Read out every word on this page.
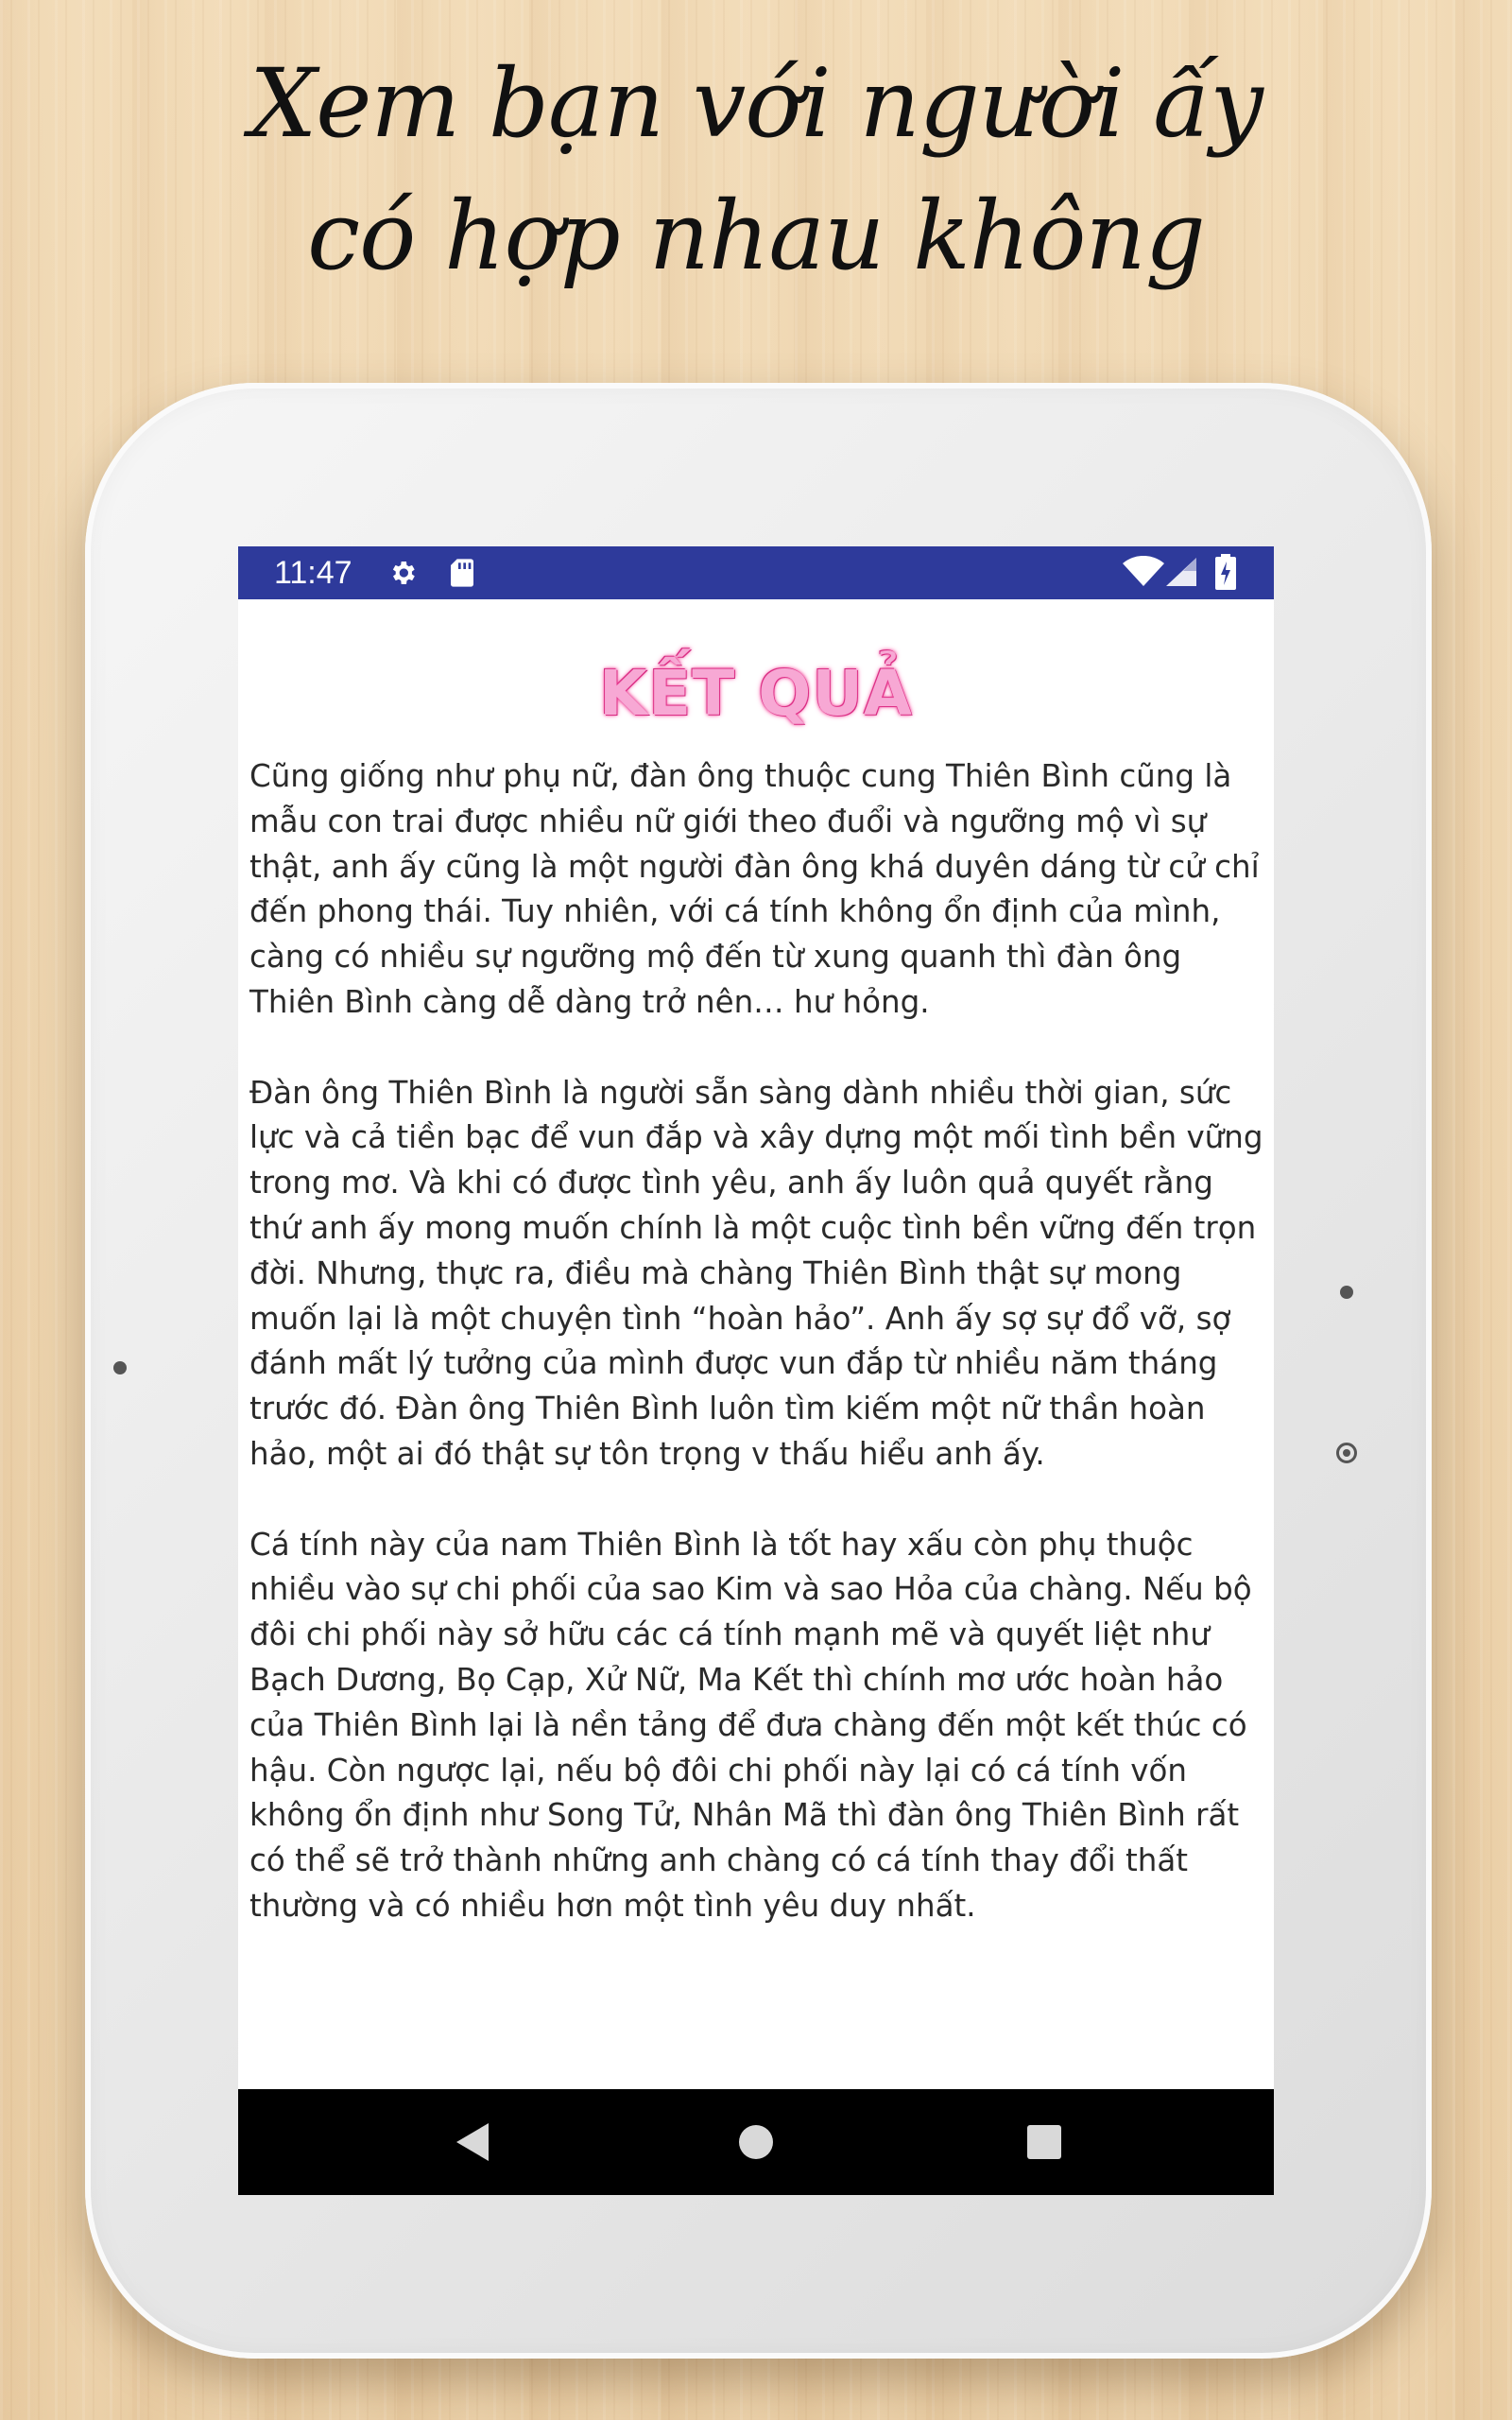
Xem bạn với người ấy
có hợp nhau không
11:47
KẾT QUẢ

Cũng giống như phụ nữ, đàn ông thuộc cung Thiên Bình cũng là mẫu con trai được nhiều nữ giới theo đuổi và ngưỡng mộ vì sự thật, anh ấy cũng là một người đàn ông khá duyên dáng từ cử chỉ đến phong thái. Tuy nhiên, với cá tính không ổn định của mình, càng có nhiều sự ngưỡng mộ đến từ xung quanh thì đàn ông Thiên Bình càng dễ dàng trở nên… hư hỏng.

Đàn ông Thiên Bình là người sẵn sàng dành nhiều thời gian, sức lực và cả tiền bạc để vun đắp và xây dựng một mối tình bền vững trong mơ. Và khi có được tình yêu, anh ấy luôn quả quyết rằng thứ anh ấy mong muốn chính là một cuộc tình bền vững đến trọn đời. Nhưng, thực ra, điều mà chàng Thiên Bình thật sự mong muốn lại là một chuyện tình “hoàn hảo”. Anh ấy sợ sự đổ vỡ, sợ đánh mất lý tưởng của mình được vun đắp từ nhiều năm tháng trước đó. Đàn ông Thiên Bình luôn tìm kiếm một nữ thần hoàn hảo, một ai đó thật sự tôn trọng v thấu hiểu anh ấy.

Cá tính này của nam Thiên Bình là tốt hay xấu còn phụ thuộc nhiều vào sự chi phối của sao Kim và sao Hỏa của chàng. Nếu bộ đôi chi phối này sở hữu các cá tính mạnh mẽ và quyết liệt như Bạch Dương, Bọ Cạp, Xử Nữ, Ma Kết thì chính mơ ước hoàn hảo của Thiên Bình lại là nền tảng để đưa chàng đến một kết thúc có hậu. Còn ngược lại, nếu bộ đôi chi phối này lại có cá tính vốn không ổn định như Song Tử, Nhân Mã thì đàn ông Thiên Bình rất có thể sẽ trở thành những anh chàng có cá tính thay đổi thất thường và có nhiều hơn một tình yêu duy nhất.
